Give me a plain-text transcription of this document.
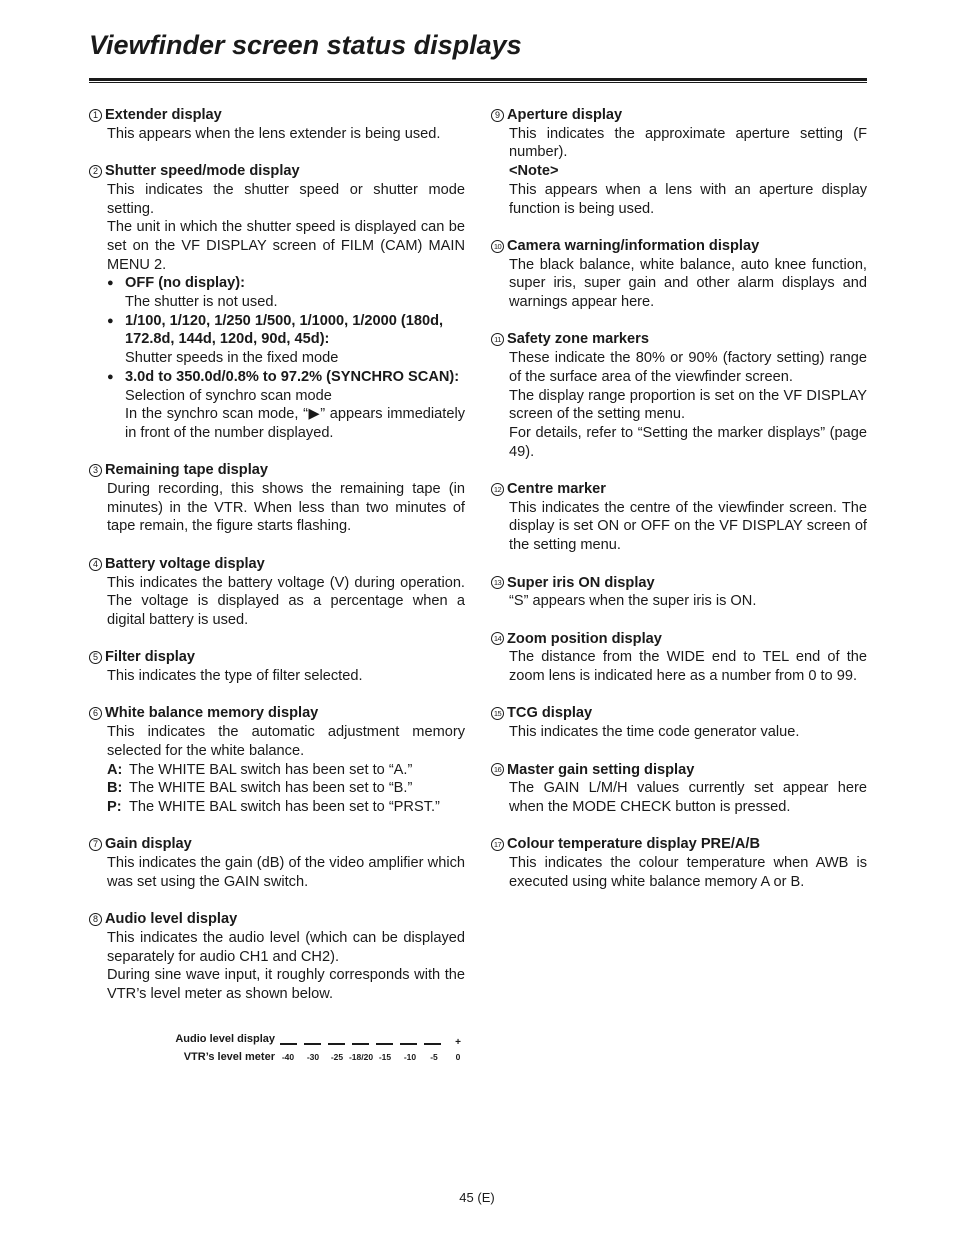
Viewfinder screen status displays
1 Extender display

This appears when the lens extender is being used.

2 Shutter speed/mode display

This indicates the shutter speed or shutter mode setting.

The unit in which the shutter speed is displayed can be set on the VF DISPLAY screen of FILM (CAM) MAIN MENU 2.

● OFF (no display):
The shutter is not used.
● 1/100, 1/120, 1/250 1/500, 1/1000, 1/2000 (180d, 172.8d, 144d, 120d, 90d, 45d):
Shutter speeds in the fixed mode
● 3.0d to 350.0d/0.8% to 97.2% (SYNCHRO SCAN):
Selection of synchro scan mode
In the synchro scan mode, “▶” appears immediately in front of the number displayed.
3 Remaining tape display

During recording, this shows the remaining tape (in minutes) in the VTR. When less than two minutes of tape remain, the figure starts flashing.

4 Battery voltage display

This indicates the battery voltage (V) during operation. The voltage is displayed as a percentage when a digital battery is used.

5 Filter display

This indicates the type of filter selected.

6 White balance memory display

This indicates the automatic adjustment memory selected for the white balance.

A: The WHITE BAL switch has been set to “A.”
B: The WHITE BAL switch has been set to “B.”
P: The WHITE BAL switch has been set to “PRST.”
7 Gain display

This indicates the gain (dB) of the video amplifier which was set using the GAIN switch.

8 Audio level display

This indicates the audio level (which can be displayed separately for audio CH1 and CH2).

During sine wave input, it roughly corresponds with the VTR’s level meter as shown below.

Audio level display
VTR’s level meter
+
-40 -30 -25 -18/20 -15 -10 -5 0
9 Aperture display

This indicates the approximate aperture setting (F number).

<Note>

This appears when a lens with an aperture display function is being used.

10 Camera warning/information display

The black balance, white balance, auto knee function, super iris, super gain and other alarm displays and warnings appear here.

11 Safety zone markers

These indicate the 80% or 90% (factory setting) range of the surface area of the viewfinder screen.

The display range proportion is set on the VF DISPLAY screen of the setting menu.

For details, refer to “Setting the marker displays” (page 49).

12 Centre marker

This indicates the centre of the viewfinder screen. The display is set ON or OFF on the VF DISPLAY screen of the setting menu.

13 Super iris ON display

“S” appears when the super iris is ON.

14 Zoom position display

The distance from the WIDE end to TEL end of the zoom lens is indicated here as a number from 0 to 99.

15 TCG display

This indicates the time code generator value.

16 Master gain setting display

The GAIN L/M/H values currently set appear here when the MODE CHECK button is pressed.

17 Colour temperature display PRE/A/B

This indicates the colour temperature when AWB is executed using white balance memory A or B.

45 (E)
